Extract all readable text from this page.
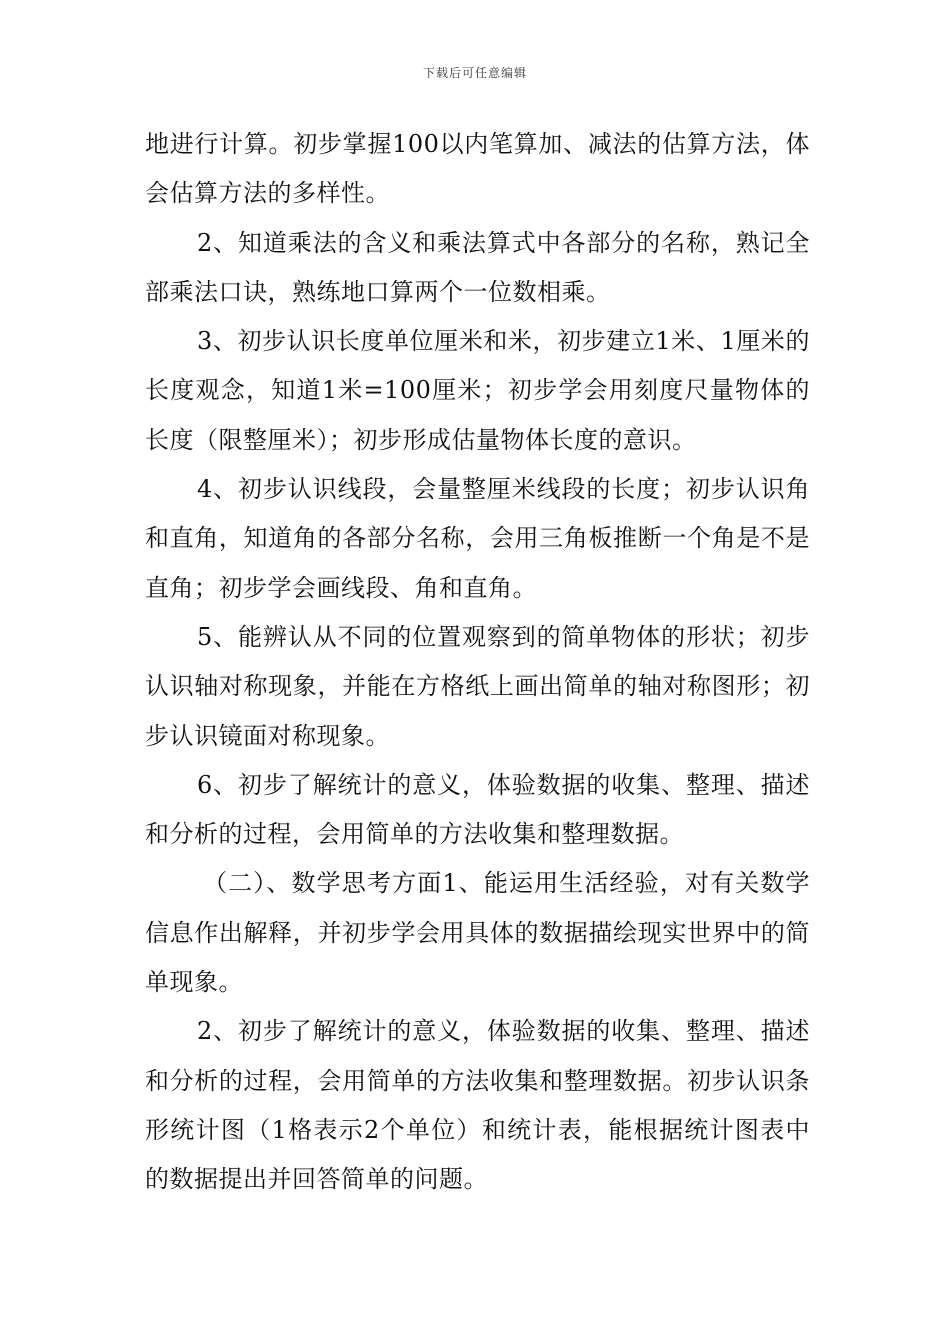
下载后可任意编辑

地进行计算。初步掌握100以内笔算加、减法的估算方法，体会估算方法的多样性。

2、知道乘法的含义和乘法算式中各部分的名称，熟记全部乘法口诀，熟练地口算两个一位数相乘。

3、初步认识长度单位厘米和米，初步建立1米、1厘米的长度观念，知道1米=100厘米；初步学会用刻度尺量物体的长度（限整厘米）；初步形成估量物体长度的意识。

4、初步认识线段，会量整厘米线段的长度；初步认识角和直角，知道角的各部分名称，会用三角板推断一个角是不是直角；初步学会画线段、角和直角。

5、能辨认从不同的位置观察到的简单物体的形状；初步认识轴对称现象，并能在方格纸上画出简单的轴对称图形；初步认识镜面对称现象。

6、初步了解统计的意义，体验数据的收集、整理、描述和分析的过程，会用简单的方法收集和整理数据。

（二）、数学思考方面1、能运用生活经验，对有关数学信息作出解释，并初步学会用具体的数据描绘现实世界中的简单现象。

2、初步了解统计的意义，体验数据的收集、整理、描述和分析的过程，会用简单的方法收集和整理数据。初步认识条形统计图（1格表示2个单位）和统计表，能根据统计图表中的数据提出并回答简单的问题。
